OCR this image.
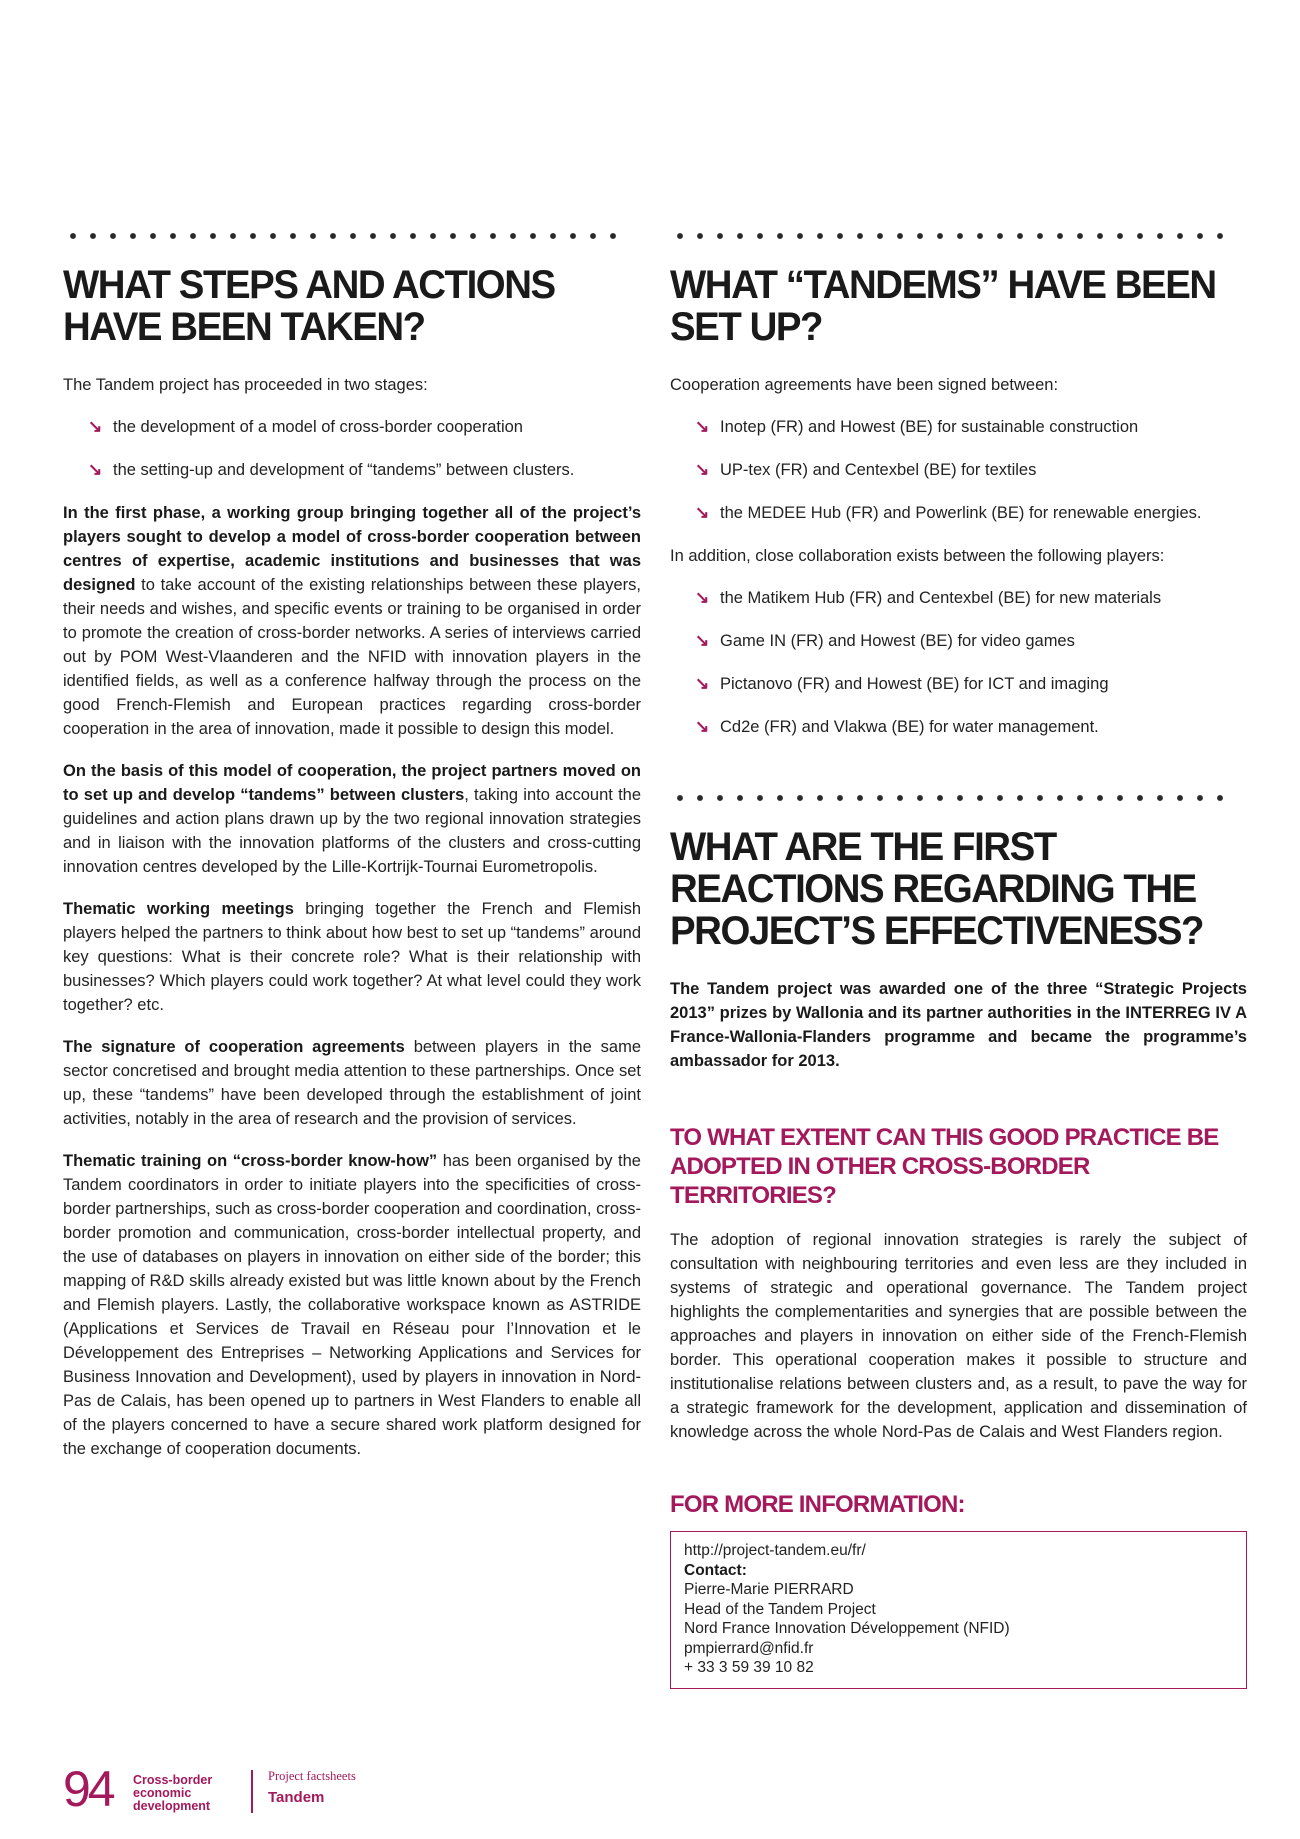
WHAT STEPS AND ACTIONS HAVE BEEN TAKEN?

The Tandem project has proceeded in two stages:

↘ the development of a model of cross-border cooperation
↘ the setting-up and development of “tandems” between clusters.

In the first phase, a working group bringing together all of the project’s players sought to develop a model of cross-border cooperation between centres of expertise, academic institutions and businesses that was designed to take account of the existing relationships between these players, their needs and wishes, and specific events or training to be organised in order to promote the creation of cross-border networks. A series of interviews carried out by POM West-Vlaanderen and the NFID with innovation players in the identified fields, as well as a conference halfway through the process on the good French-Flemish and European practices regarding cross-border cooperation in the area of innovation, made it possible to design this model.

On the basis of this model of cooperation, the project partners moved on to set up and develop “tandems” between clusters, taking into account the guidelines and action plans drawn up by the two regional innovation strategies and in liaison with the innovation platforms of the clusters and cross-cutting innovation centres developed by the Lille-Kortrijk-Tournai Eurometropolis.

Thematic working meetings bringing together the French and Flemish players helped the partners to think about how best to set up “tandems” around key questions: What is their concrete role? What is their relationship with businesses? Which players could work together? At what level could they work together? etc.

The signature of cooperation agreements between players in the same sector concretised and brought media attention to these partnerships. Once set up, these “tandems” have been developed through the establishment of joint activities, notably in the area of research and the provision of services.

Thematic training on “cross-border know-how” has been organised by the Tandem coordinators in order to initiate players into the specificities of cross-border partnerships, such as cross-border cooperation and coordination, cross-border promotion and communication, cross-border intellectual property, and the use of databases on players in innovation on either side of the border; this mapping of R&D skills already existed but was little known about by the French and Flemish players. Lastly, the collaborative workspace known as ASTRIDE (Applications et Services de Travail en Réseau pour l’Innovation et le Développement des Entreprises – Networking Applications and Services for Business Innovation and Development), used by players in innovation in Nord-Pas de Calais, has been opened up to partners in West Flanders to enable all of the players concerned to have a secure shared work platform designed for the exchange of cooperation documents.

WHAT “TANDEMS” HAVE BEEN SET UP?

Cooperation agreements have been signed between:

↘ Inotep (FR) and Howest (BE) for sustainable construction
↘ UP-tex (FR) and Centexbel (BE) for textiles
↘ the MEDEE Hub (FR) and Powerlink (BE) for renewable energies.

In addition, close collaboration exists between the following players:

↘ the Matikem Hub (FR) and Centexbel (BE) for new materials
↘ Game IN (FR) and Howest (BE) for video games
↘ Pictanovo (FR) and Howest (BE) for ICT and imaging
↘ Cd2e (FR) and Vlakwa (BE) for water management.
WHAT ARE THE FIRST REACTIONS REGARDING THE PROJECT’S EFFECTIVENESS?

The Tandem project was awarded one of the three “Strategic Projects 2013” prizes by Wallonia and its partner authorities in the INTERREG IV A France-Wallonia-Flanders programme and became the programme’s ambassador for 2013.

TO WHAT EXTENT CAN THIS GOOD PRACTICE BE ADOPTED IN OTHER CROSS-BORDER TERRITORIES?

The adoption of regional innovation strategies is rarely the subject of consultation with neighbouring territories and even less are they included in systems of strategic and operational governance. The Tandem project highlights the complementarities and synergies that are possible between the approaches and players in innovation on either side of the French-Flemish border. This operational cooperation makes it possible to structure and institutionalise relations between clusters and, as a result, to pave the way for a strategic framework for the development, application and dissemination of knowledge across the whole Nord-Pas de Calais and West Flanders region.

FOR MORE INFORMATION:
http://project-tandem.eu/fr/
Contact:
Pierre-Marie PIERRARD
Head of the Tandem Project
Nord France Innovation Développement (NFID)
pmpierrard@nfid.fr
+ 33 3 59 39 10 82
94 Cross-border
economic
development
Project factsheets
Tandem
